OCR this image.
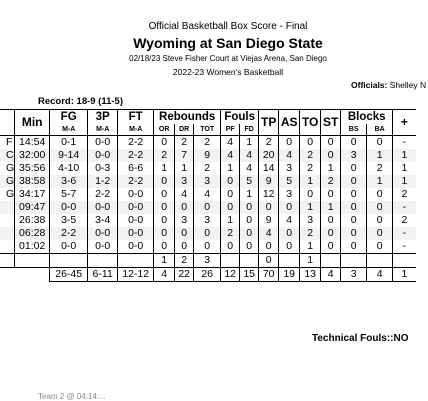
Official Basketball Box Score - Final
Wyoming at San Diego State
02/18/23 Steve Fisher Court at Viejas Arena, San Diego
2022-23 Women's Basketball
Officials: Shelley N
Record: 18-9 (11-5)
	Min	FG	3P	FT	Rebounds			Fouls		TP	AS	TO	ST	Blocks		+
		M-A	M-A	M-A	OR	DR	TOT	PF	FD					BS	BA	
F	14:54	0-1	0-0	2-2	0	2	2	4	1	2	0	0	0	0	0	-
C	32:00	9-14	0-0	2-2	2	7	9	4	4	20	4	2	0	3	1	1
G	35:56	4-10	0-3	6-6	1	1	2	1	4	14	3	2	1	0	2	1
G	38:58	3-6	1-2	2-2	0	3	3	0	5	9	5	1	2	0	1	1
G	34:17	5-7	2-2	0-0	0	4	4	0	1	12	3	0	0	0	0	2
	09:47	0-0	0-0	0-0	0	0	0	0	0	0	0	1	1	0	0	-
	26:38	3-5	3-4	0-0	0	3	3	1	0	9	4	3	0	0	0	2
	06:28	2-2	0-0	0-0	0	0	0	2	0	4	0	2	0	0	0	-
	01:02	0-0	0-0	0-0	0	0	0	0	0	0	0	1	0	0	0	-
					1	2	3			0		1				
		26-45	6-11	12-12	4	22	26	12	15	70	19	13	4	3	4	1
Technical Fouls::NO
Team 2 @ 04:14:...
